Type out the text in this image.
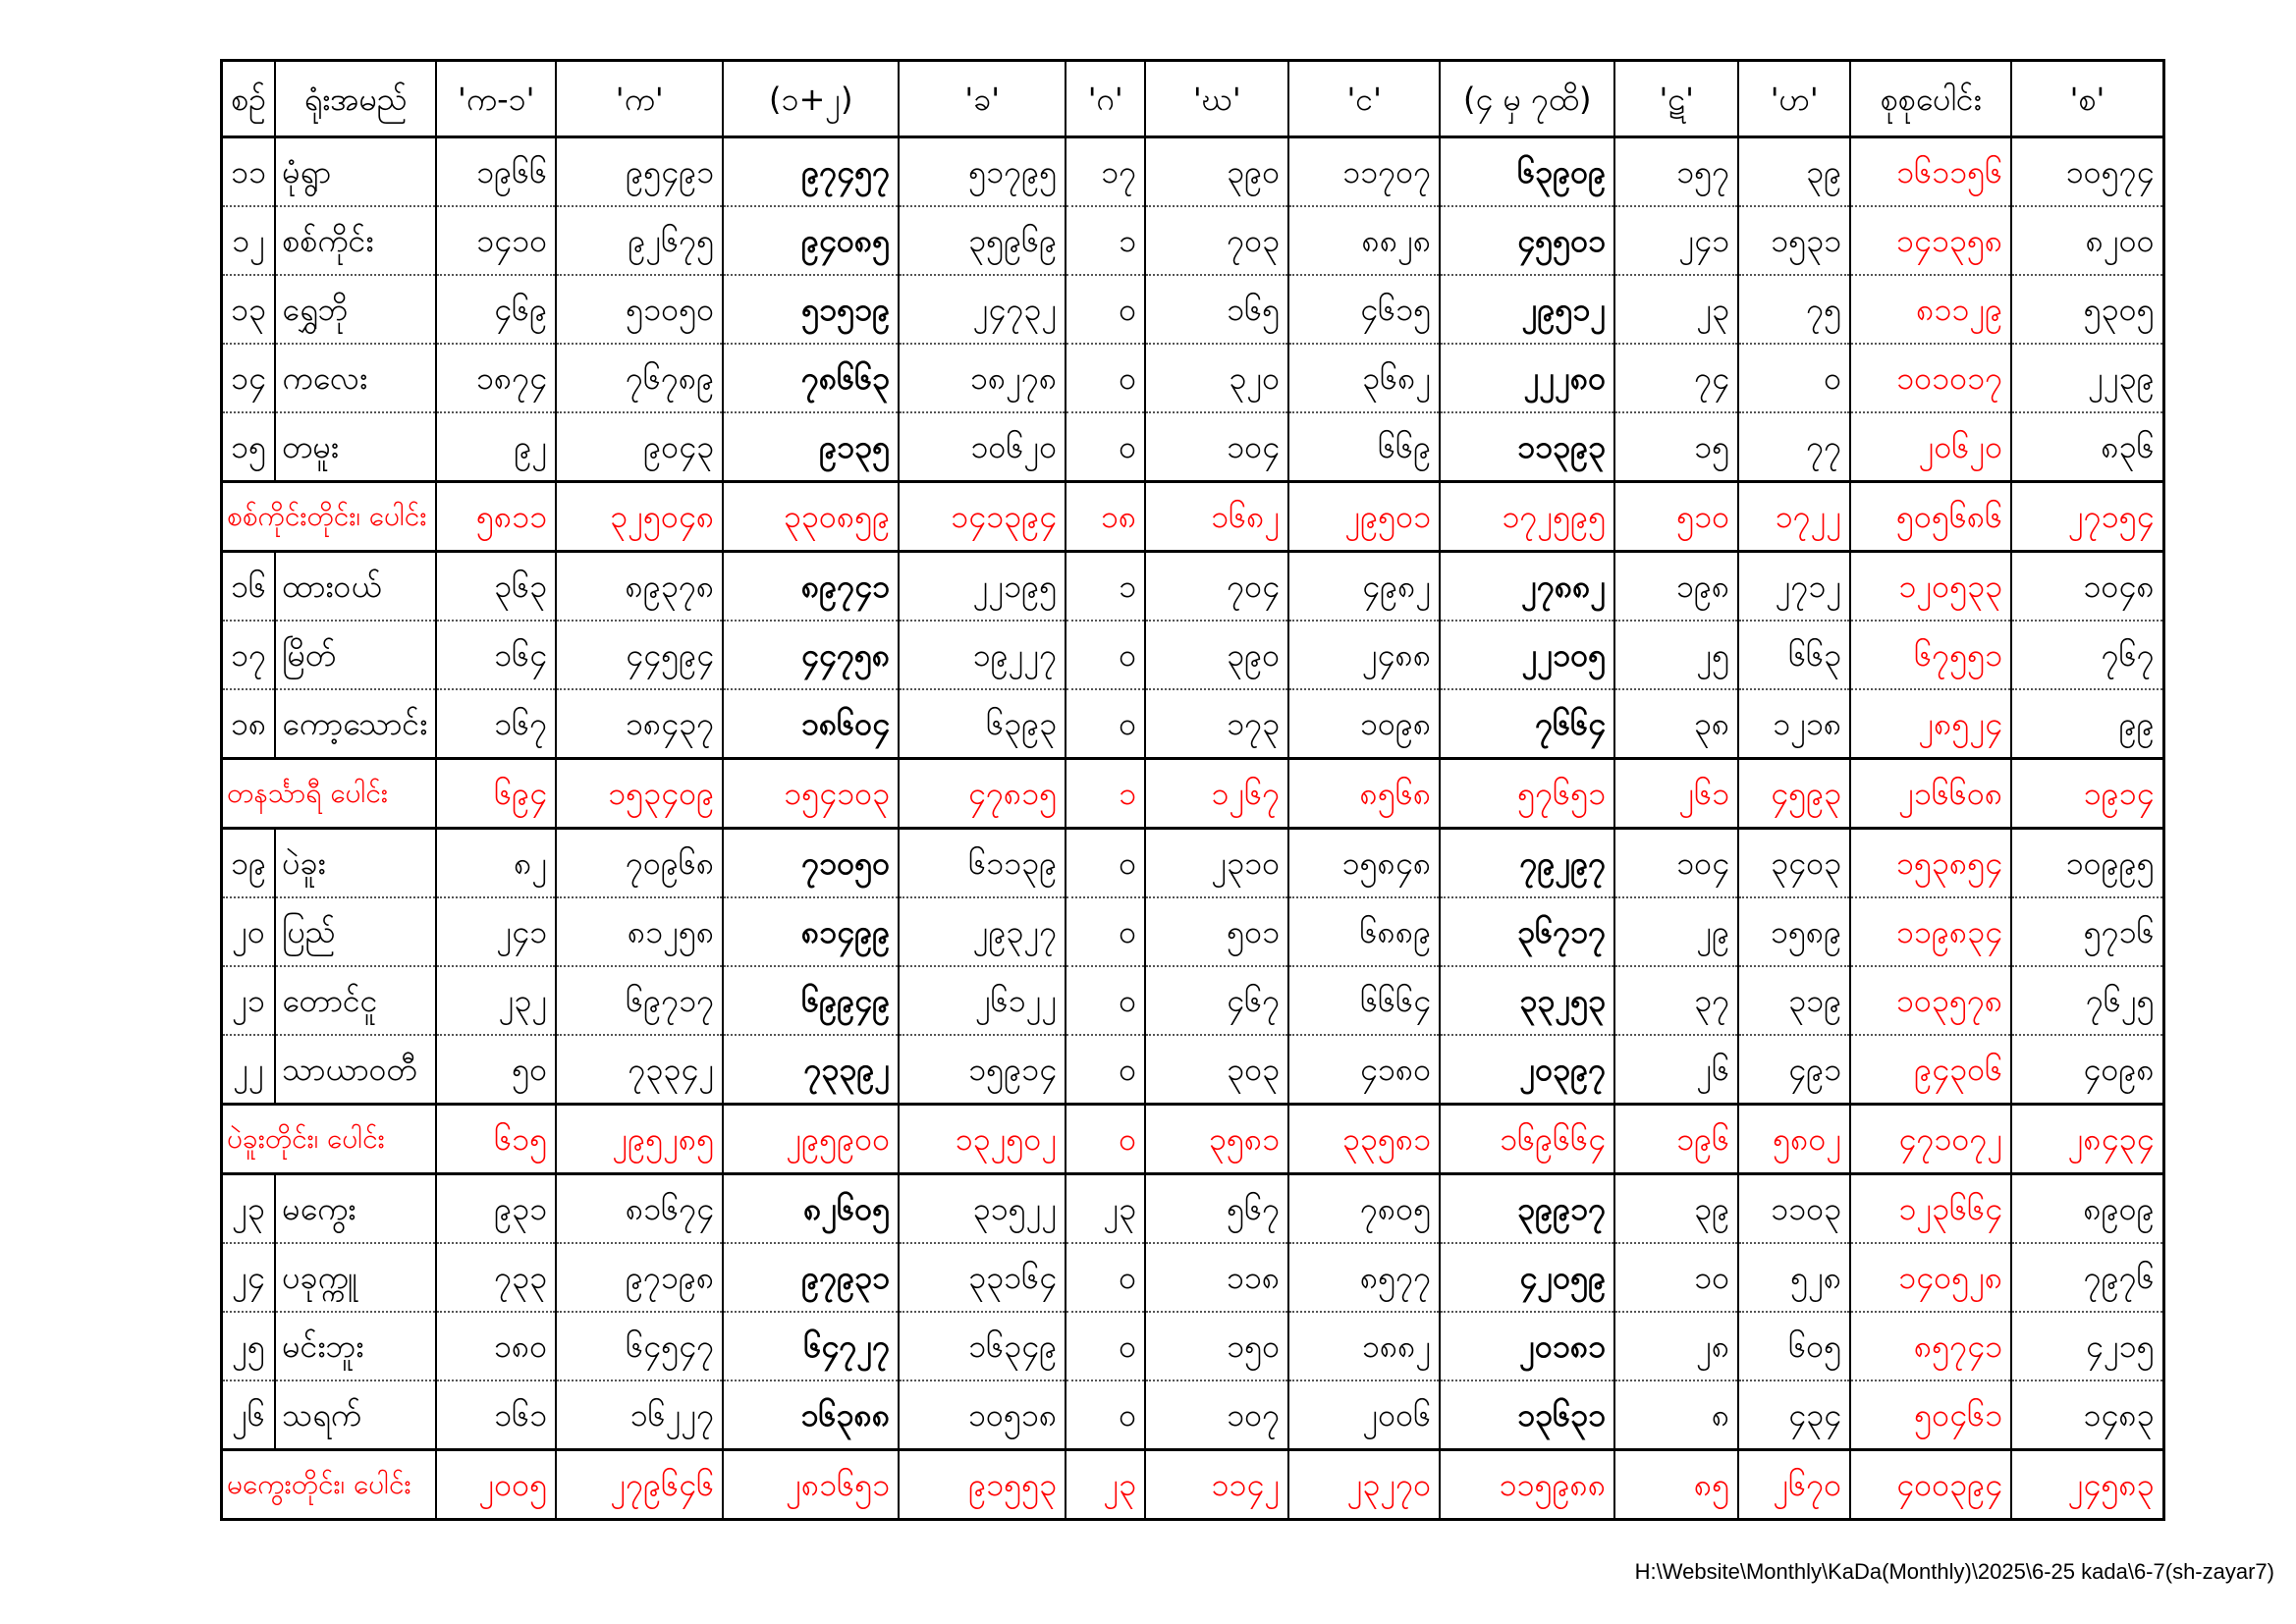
စဉ်	ရုံးအမည်	'က-၁'	'က'	(၁+၂)	'ခ'	'ဂ'	'ဃ'	'င'	(၄ မှ ၇ထိ)	'ဋ'	'ဟ'	စုစုပေါင်း	'စ'
၁၁	မုံရွာ	၁၉၆၆	၉၅၄၉၁	၉၇၄၅၇	၅၁၇၉၅	၁၇	၃၉၀	၁၁၇၀၇	၆၃၉၀၉	၁၅၇	၃၉	၁၆၁၁၅၆	၁၀၅၇၄
၁၂	စစ်ကိုင်း	၁၄၁၀	၉၂၆၇၅	၉၄၀၈၅	၃၅၉၆၉	၁	၇၀၃	၈၈၂၈	၄၅၅၀၁	၂၄၁	၁၅၃၁	၁၄၁၃၅၈	၈၂၀၀
၁၃	ရွှေဘို	၄၆၉	၅၁၀၅၀	၅၁၅၁၉	၂၄၇၃၂	၀	၁၆၅	၄၆၁၅	၂၉၅၁၂	၂၃	၇၅	၈၁၁၂၉	၅၃၀၅
၁၄	ကလေး	၁၈၇၄	၇၆၇၈၉	၇၈၆၆၃	၁၈၂၇၈	၀	၃၂၀	၃၆၈၂	၂၂၂၈၀	၇၄	၀	၁၀၁၀၁၇	၂၂၃၉
၁၅	တမူး	၉၂	၉၀၄၃	၉၁၃၅	၁၀၆၂၀	၀	၁၀၄	၆၆၉	၁၁၃၉၃	၁၅	၇၇	၂၀၆၂၀	၈၃၆
စစ်ကိုင်းတိုင်း၊ ပေါင်း		၅၈၁၁	၃၂၅၀၄၈	၃၃၀၈၅၉	၁၄၁၃၉၄	၁၈	၁၆၈၂	၂၉၅၀၁	၁၇၂၅၉၅	၅၁၀	၁၇၂၂	၅၀၅၆၈၆	၂၇၁၅၄
၁၆	ထားဝယ်	၃၆၃	၈၉၃၇၈	၈၉၇၄၁	၂၂၁၉၅	၁	၇၀၄	၄၉၈၂	၂၇၈၈၂	၁၉၈	၂၇၁၂	၁၂၀၅၃၃	၁၀၄၈
၁၇	မြိတ်	၁၆၄	၄၄၅၉၄	၄၄၇၅၈	၁၉၂၂၇	၀	၃၉၀	၂၄၈၈	၂၂၁၀၅	၂၅	၆၆၃	၆၇၅၅၁	၇၆၇
၁၈	ကော့သောင်း	၁၆၇	၁၈၄၃၇	၁၈၆၀၄	၆၃၉၃	၀	၁၇၃	၁၀၉၈	၇၆၆၄	၃၈	၁၂၁၈	၂၈၅၂၄	၉၉
တနင်္သာရီ ပေါင်း		၆၉၄	၁၅၃၄၀၉	၁၅၄၁၀၃	၄၇၈၁၅	၁	၁၂၆၇	၈၅၆၈	၅၇၆၅၁	၂၆၁	၄၅၉၃	၂၁၆၆၀၈	၁၉၁၄
၁၉	ပဲခူး	၈၂	၇၀၉၆၈	၇၁၀၅၀	၆၁၁၃၉	၀	၂၃၁၀	၁၅၈၄၈	၇၉၂၉၇	၁၀၄	၃၄၀၃	၁၅၃၈၅၄	၁၀၉၉၅
၂၀	ပြည်	၂၄၁	၈၁၂၅၈	၈၁၄၉၉	၂၉၃၂၇	၀	၅၀၁	၆၈၈၉	၃၆၇၁၇	၂၉	၁၅၈၉	၁၁၉၈၃၄	၅၇၁၆
၂၁	တောင်ငူ	၂၃၂	၆၉၇၁၇	၆၉၉၄၉	၂၆၁၂၂	၀	၄၆၇	၆၆၆၄	၃၃၂၅၃	၃၇	၃၁၉	၁၀၃၅၇၈	၇၆၂၅
၂၂	သာယာဝတီ	၅၀	၇၃၃၄၂	၇၃၃၉၂	၁၅၉၁၄	၀	၃၀၃	၄၁၈၀	၂၀၃၉၇	၂၆	၄၉၁	၉၄၃၀၆	၄၀၉၈
ပဲခူးတိုင်း၊ ပေါင်း		၆၁၅	၂၉၅၂၈၅	၂၉၅၉၀၀	၁၃၂၅၀၂	၀	၃၅၈၁	၃၃၅၈၁	၁၆၉၆၆၄	၁၉၆	၅၈၀၂	၄၇၁၀၇၂	၂၈၄၃၄
၂၃	မကွေး	၉၃၁	၈၁၆၇၄	၈၂၆၀၅	၃၁၅၂၂	၂၃	၅၆၇	၇၈၀၅	၃၉၉၁၇	၃၉	၁၁၀၃	၁၂၃၆၆၄	၈၉၀၉
၂၄	ပခုက္ကူ	၇၃၃	၉၇၁၉၈	၉၇၉၃၁	၃၃၁၆၄	၀	၁၁၈	၈၅၇၇	၄၂၀၅၉	၁၀	၅၂၈	၁၄၀၅၂၈	၇၉၇၆
၂၅	မင်းဘူး	၁၈၀	၆၄၅၄၇	၆၄၇၂၇	၁၆၃၄၉	၀	၁၅၀	၁၈၈၂	၂၀၁၈၁	၂၈	၆၀၅	၈၅၇၄၁	၄၂၁၅
၂၆	သရက်	၁၆၁	၁၆၂၂၇	၁၆၃၈၈	၁၀၅၁၈	၀	၁၀၇	၂၀၀၆	၁၃၆၃၁	၈	၄၃၄	၅၀၄၆၁	၁၄၈၃
မကွေးတိုင်း၊ ပေါင်း		၂၀၀၅	၂၇၉၆၄၆	၂၈၁၆၅၁	၉၁၅၅၃	၂၃	၁၁၄၂	၂၃၂၇၀	၁၁၅၉၈၈	၈၅	၂၆၇၀	၄၀၀၃၉၄	၂၄၅၈၃
H:\Website\Monthly\KaDa(Monthly)\2025\6-25 kada\6-7(sh-zayar7)
